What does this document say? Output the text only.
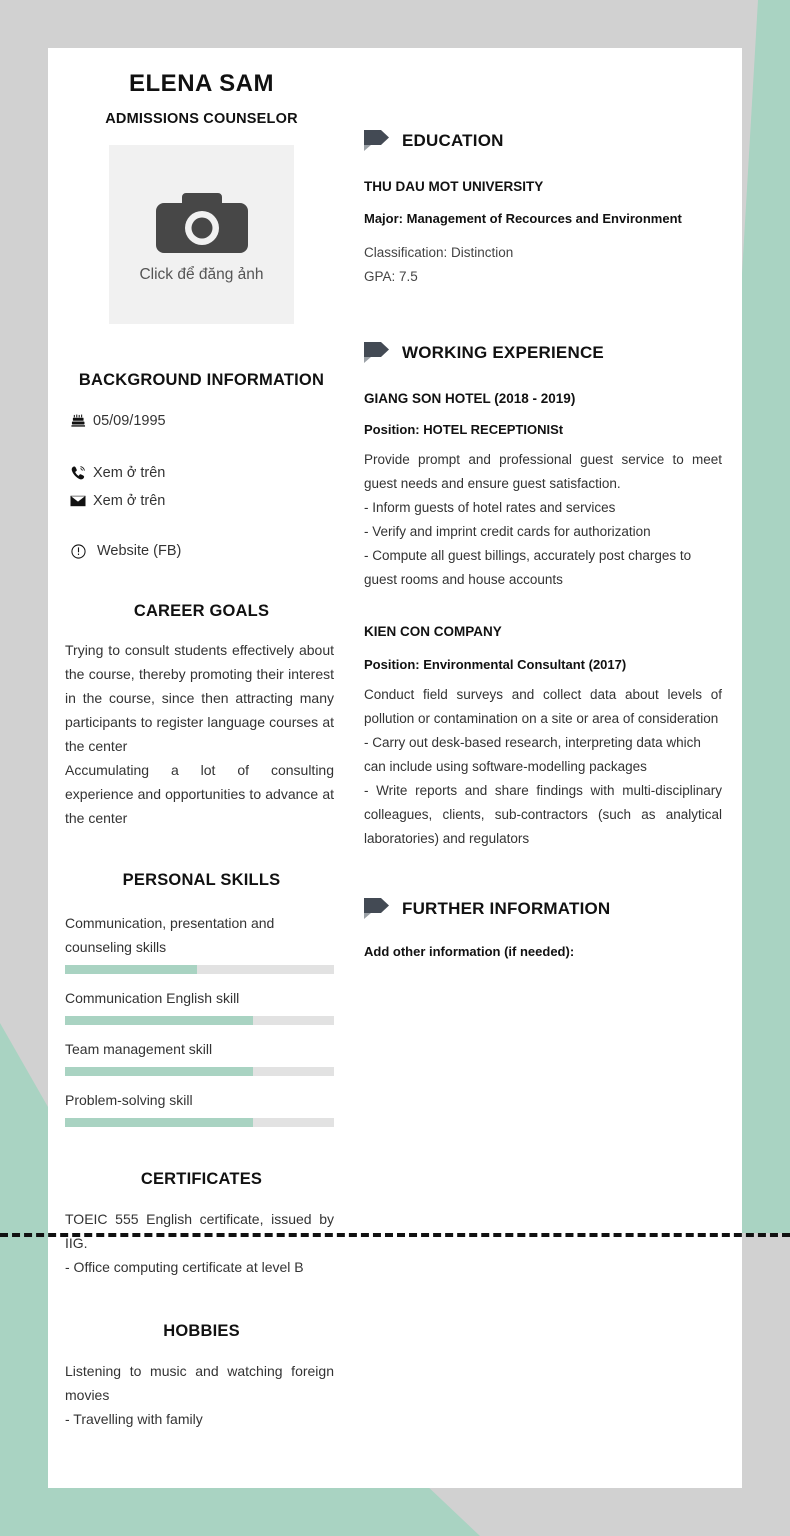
ELENA SAM
ADMISSIONS COUNSELOR
Click để đăng ảnh
BACKGROUND INFORMATION
05/09/1995
Xem ở trên
Xem ở trên
Website (FB)
CAREER GOALS

Trying to consult students effectively about the course, thereby promoting their interest in the course, since then attracting many participants to register language courses at the center

Accumulating a lot of consulting experience and opportunities to advance at the center

PERSONAL SKILLS
Communication, presentation and counseling skills
Communication English skill
Team management skill
Problem-solving skill
CERTIFICATES

TOEIC 555 English certificate, issued by IIG.

- Office computing certificate at level B

HOBBIES

Listening to music and watching foreign movies

- Travelling with family

EDUCATION

THU DAU MOT UNIVERSITY

Major: Management of Recources and Environment

Classification: Distinction

GPA: 7.5

WORKING EXPERIENCE

GIANG SON HOTEL (2018 - 2019)

Position: HOTEL RECEPTIONISt

Provide prompt and professional guest service to meet guest needs and ensure guest satisfaction.

- Inform guests of hotel rates and services

- Verify and imprint credit cards for authorization

- Compute all guest billings, accurately post charges to guest rooms and house accounts

KIEN CON COMPANY

Position: Environmental Consultant (2017)

Conduct field surveys and collect data about levels of pollution or contamination on a site or area of consideration

- Carry out desk-based research, interpreting data which can include using software-modelling packages

- Write reports and share findings with multi-disciplinary colleagues, clients, sub-contractors (such as analytical laboratories) and regulators

FURTHER INFORMATION

Add other information (if needed):
